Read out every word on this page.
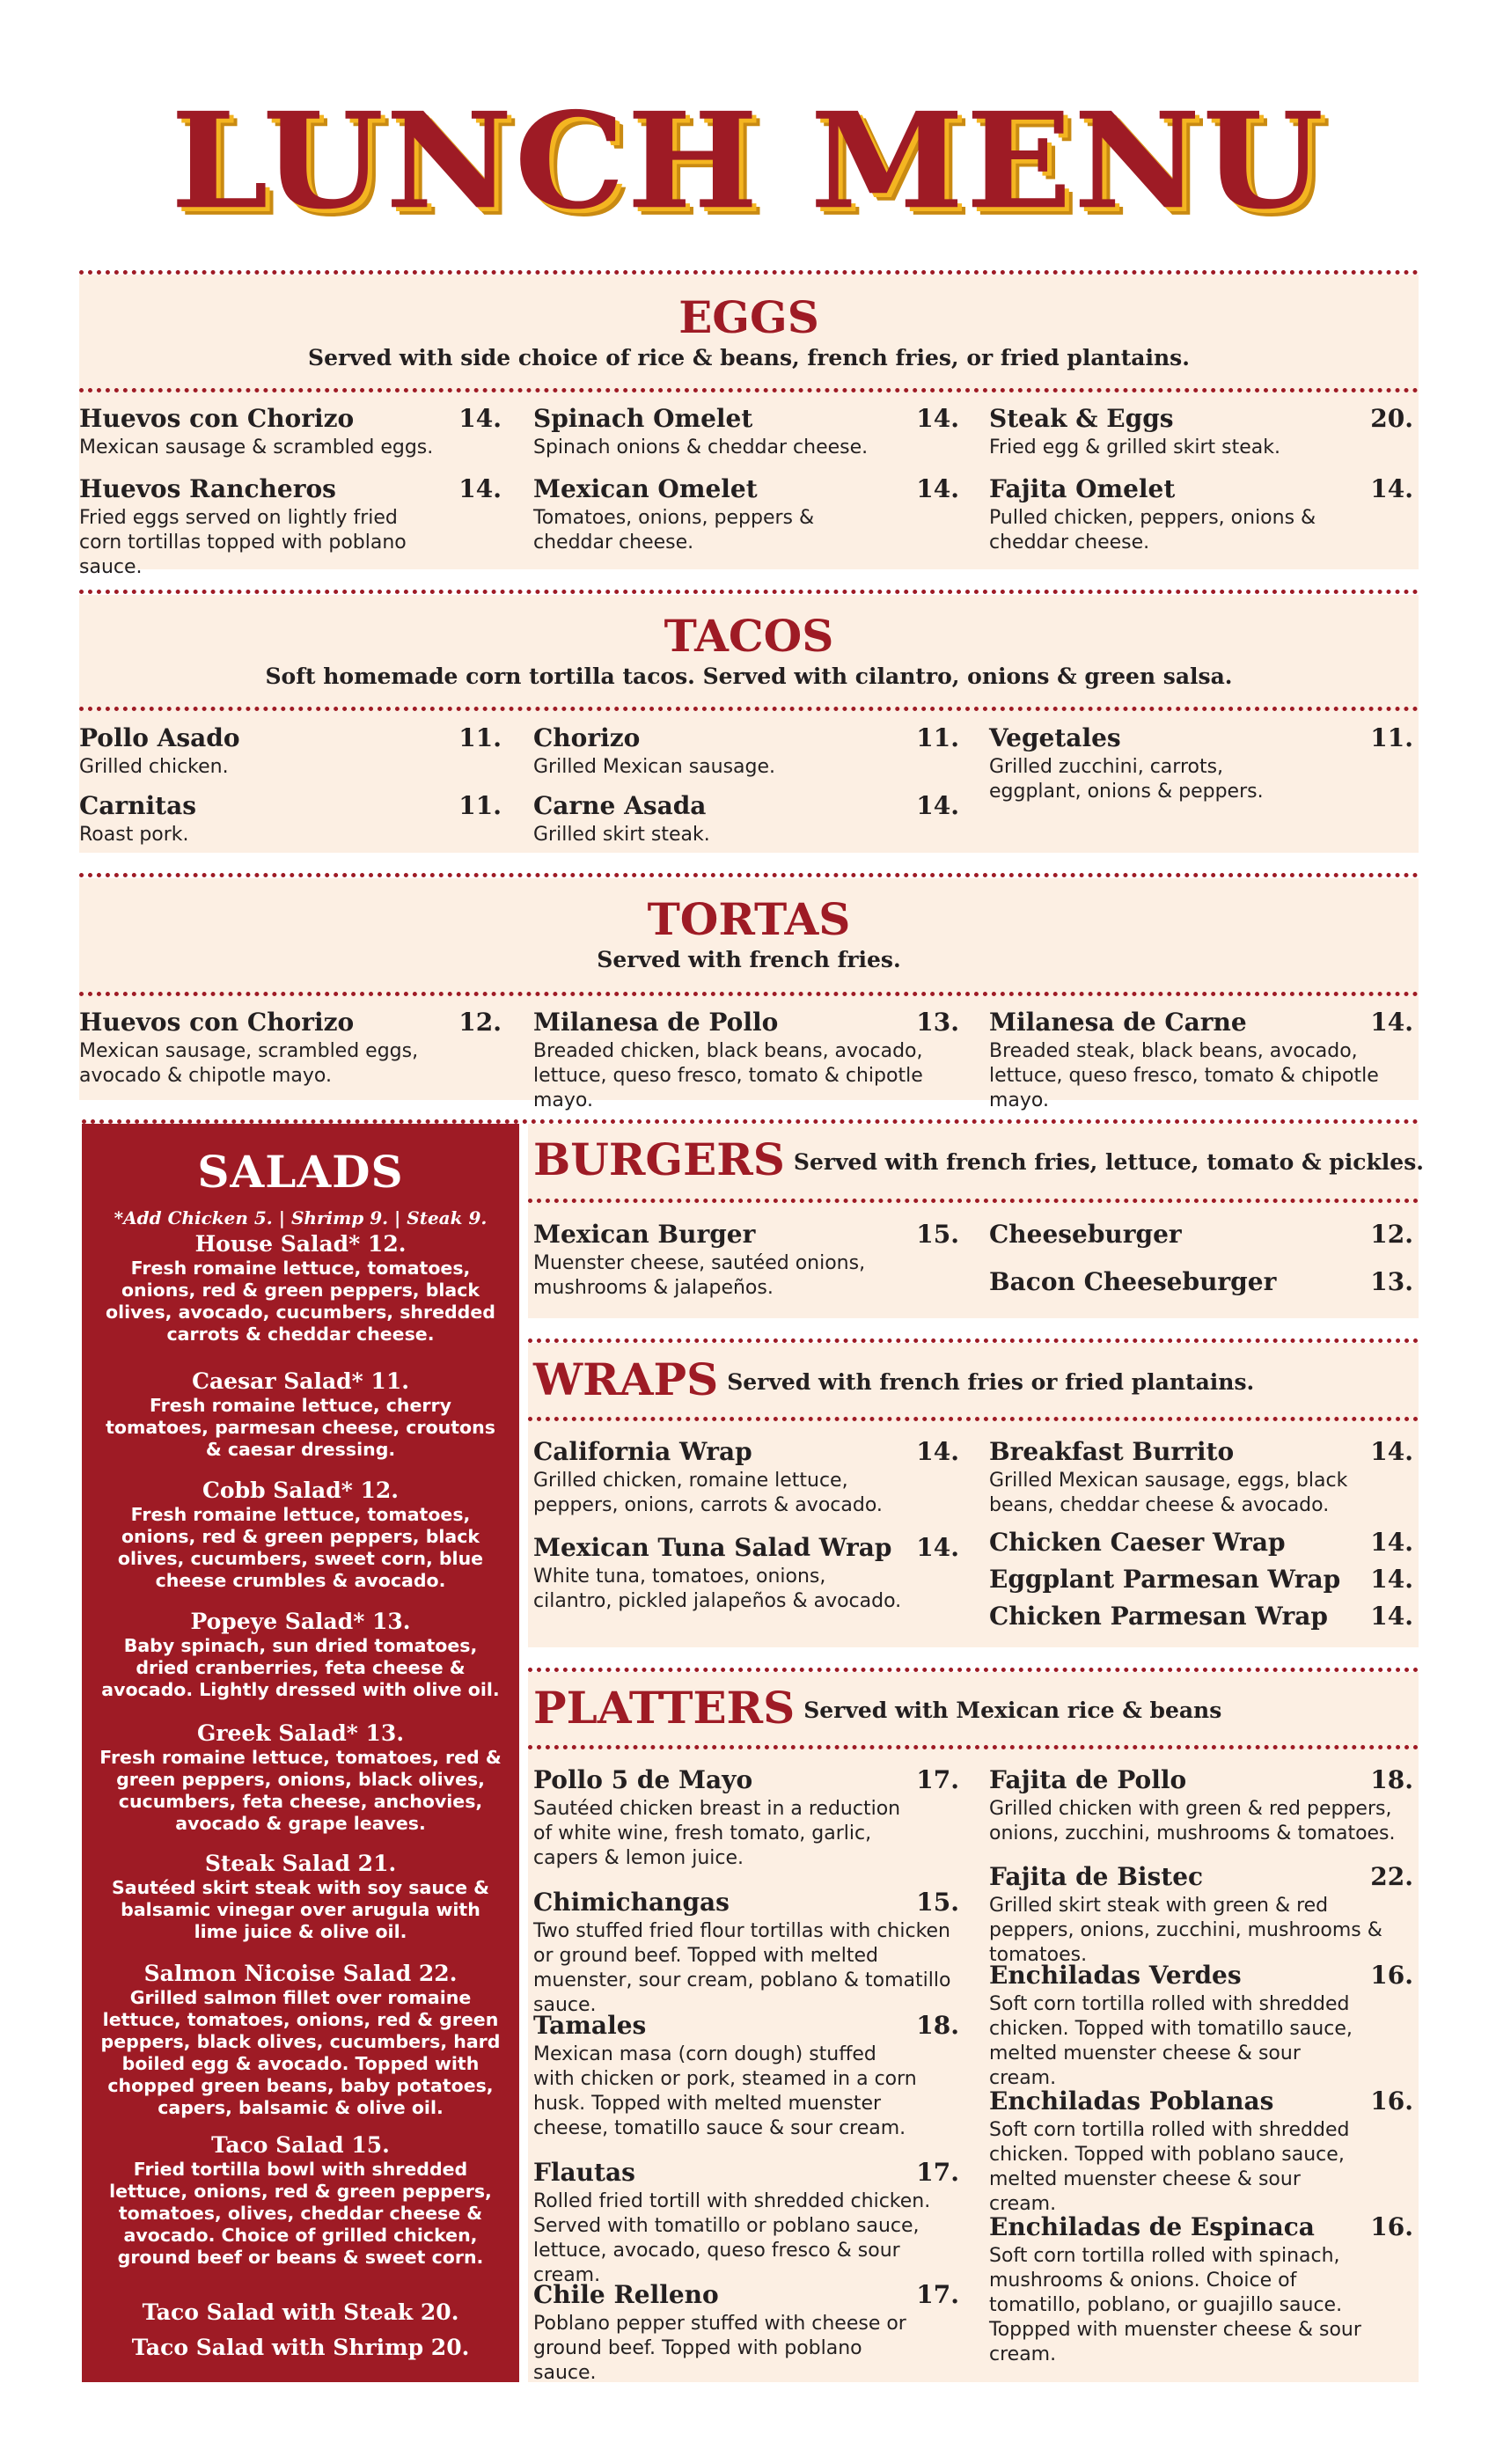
LUNCH MENU
EGGS
Served with side choice of rice & beans, french fries, or fried plantains.
Huevos con Chorizo	14.
Mexican sausage & scrambled eggs.
Huevos Rancheros	14.
Fried eggs served on lightly fried corn tortillas topped with poblano sauce.
Spinach Omelet	14.
Spinach onions & cheddar cheese.
Mexican Omelet	14.
Tomatoes, onions, peppers & cheddar cheese.
Steak & Eggs	20.
Fried egg & grilled skirt steak.
Fajita Omelet	14.
Pulled chicken, peppers, onions & cheddar cheese.
TACOS
Soft homemade corn tortilla tacos. Served with cilantro, onions & green salsa.
Pollo Asado	11.
Grilled chicken.
Carnitas	11.
Roast pork.
Chorizo	11.
Grilled Mexican sausage.
Carne Asada	14.
Grilled skirt steak.
Vegetales	11.
Grilled zucchini, carrots, eggplant, onions & peppers.
TORTAS
Served with french fries.
Huevos con Chorizo	12.
Mexican sausage, scrambled eggs, avocado & chipotle mayo.
Milanesa de Pollo	13.
Breaded chicken, black beans, avocado, lettuce, queso fresco, tomato & chipotle mayo.
Milanesa de Carne	14.
Breaded steak, black beans, avocado, lettuce, queso fresco, tomato & chipotle mayo.
SALADS
*Add Chicken 5. | Shrimp 9. | Steak 9.
House Salad* 12.
Fresh romaine lettuce, tomatoes, onions, red & green peppers, black olives, avocado, cucumbers, shredded carrots & cheddar cheese.
Caesar Salad* 11.
Fresh romaine lettuce, cherry tomatoes, parmesan cheese, croutons & caesar dressing.
Cobb Salad* 12.
Fresh romaine lettuce, tomatoes, onions, red & green peppers, black olives, cucumbers, sweet corn, blue cheese crumbles & avocado.
Popeye Salad* 13.
Baby spinach, sun dried tomatoes, dried cranberries, feta cheese & avocado. Lightly dressed with olive oil.
Greek Salad* 13.
Fresh romaine lettuce, tomatoes, red & green peppers, onions, black olives, cucumbers, feta cheese, anchovies, avocado & grape leaves.
Steak Salad 21.
Sautéed skirt steak with soy sauce & balsamic vinegar over arugula with lime juice & olive oil.
Salmon Nicoise Salad 22.
Grilled salmon fillet over romaine lettuce, tomatoes, onions, red & green peppers, black olives, cucumbers, hard boiled egg & avocado. Topped with chopped green beans, baby potatoes, capers, balsamic & olive oil.
Taco Salad 15.
Fried tortilla bowl with shredded lettuce, onions, red & green peppers, tomatoes, olives, cheddar cheese & avocado. Choice of grilled chicken, ground beef or beans & sweet corn.
Taco Salad with Steak 20.
Taco Salad with Shrimp 20.
BURGERS $^{Served with french fries, lettuce, tomato \& pickles.}$
Mexican Burger	15.
Muenster cheese, sautéed onions, mushrooms & jalapeños.
Cheeseburger	12.
Bacon Cheeseburger	13.
WRAPS $^{Served with french fries or fried plantains.}$
California Wrap	14.
Grilled chicken, romaine lettuce, peppers, onions, carrots & avocado.
Mexican Tuna Salad Wrap 14.
White tuna, tomatoes, onions, cilantro, pickled jalapeños & avocado.
Breakfast Burrito	14.
Grilled Mexican sausage, eggs, black beans, cheddar cheese & avocado.
Chicken Caeser Wrap	14.
Eggplant Parmesan Wrap	14.
Chicken Parmesan Wrap	14.
PLATTERS $^{Served with Mexican rice \& beans}$
Pollo 5 de Mayo	17.
Sautéed chicken breast in a reduction of white wine, fresh tomato, garlic, capers & lemon juice.
Chimichangas	15.
Two stuffed fried flour tortillas with chicken or ground beef. Topped with melted muenster, sour cream, poblano & tomatillo sauce.
Tamales	18.
Mexican masa (corn dough) stuffed with chicken or pork, steamed in a corn husk. Topped with melted muenster cheese, tomatillo sauce & sour cream.
Flautas	17.
Rolled fried tortill with shredded chicken. Served with tomatillo or poblano sauce, lettuce, avocado, queso fresco & sour cream.
Chile Relleno	17.
Poblano pepper stuffed with cheese or ground beef. Topped with poblano sauce.
Fajita de Pollo	18.
Grilled chicken with green & red peppers, onions, zucchini, mushrooms & tomatoes.
Fajita de Bistec	22.
Grilled skirt steak with green & red peppers, onions, zucchini, mushrooms & tomatoes.
Enchiladas Verdes	16.
Soft corn tortilla rolled with shredded chicken. Topped with tomatillo sauce, melted muenster cheese & sour cream.
Enchiladas Poblanas	16.
Soft corn tortilla rolled with shredded chicken. Topped with poblano sauce, melted muenster cheese & sour cream.
Enchiladas de Espinaca	16.
Soft corn tortilla rolled with spinach, mushrooms & onions. Choice of tomatillo, poblano, or guajillo sauce. Toppped with muenster cheese & sour cream.
